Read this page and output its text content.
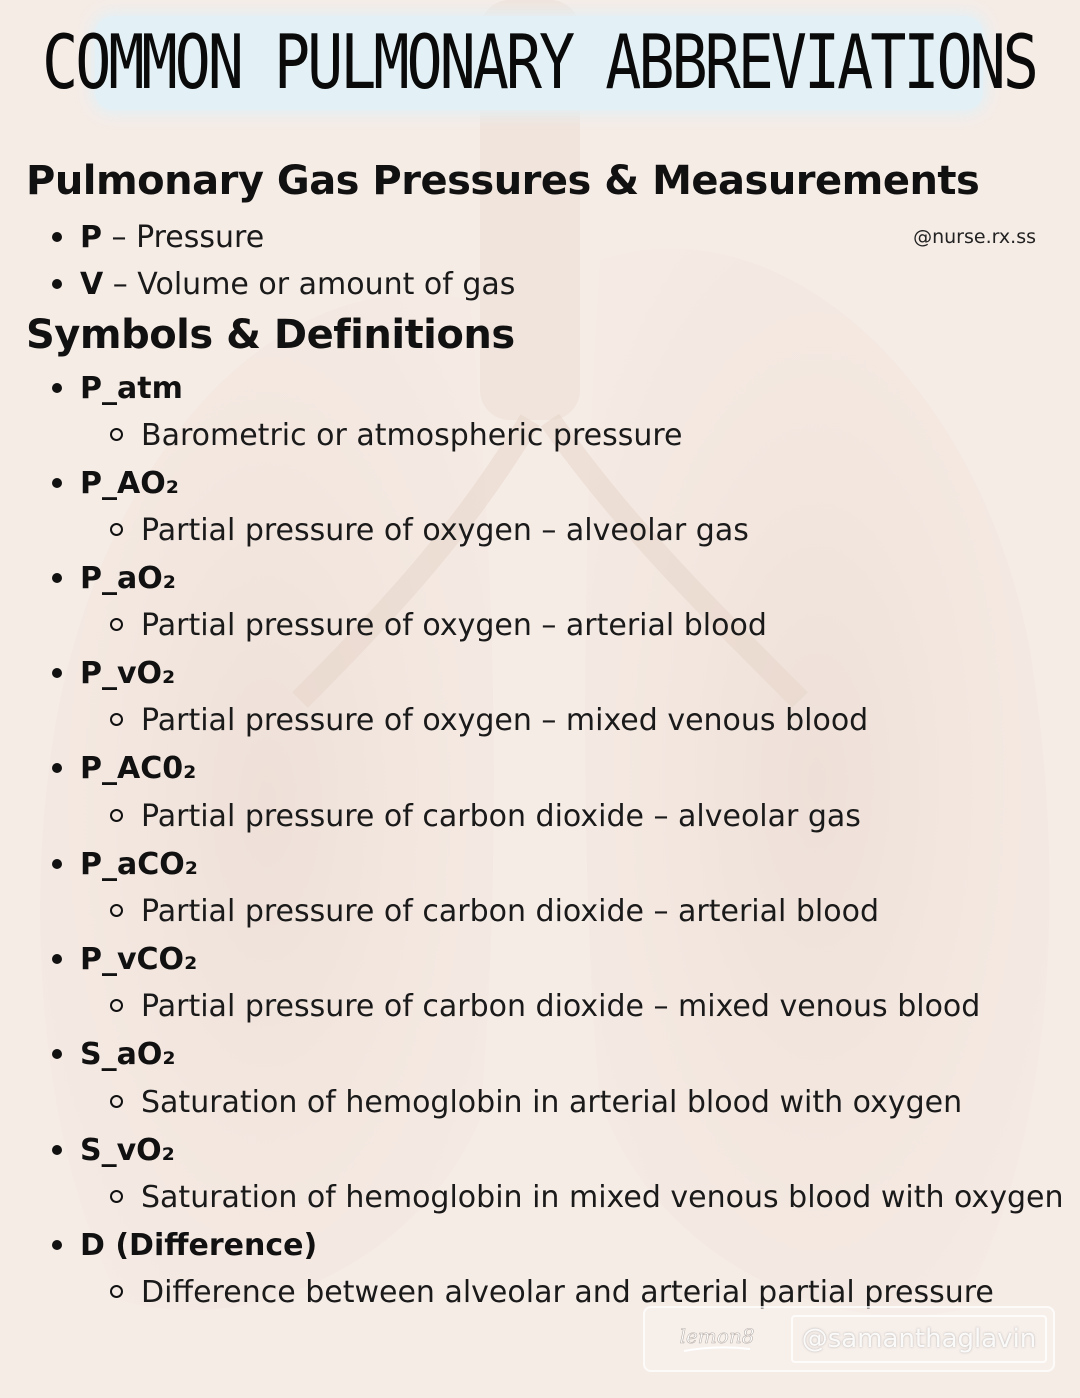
COMMON PULMONARY ABBREVIATIONS
Pulmonary Gas Pressures & Measurements
@nurse.rx.ss
P – Pressure
V – Volume or amount of gas
Symbols & Definitions
P_atm
Barometric or atmospheric pressure
P_AO₂
Partial pressure of oxygen – alveolar gas
P_aO₂
Partial pressure of oxygen – arterial blood
P_vO₂
Partial pressure of oxygen – mixed venous blood
P_AC0₂
Partial pressure of carbon dioxide – alveolar gas
P_aCO₂
Partial pressure of carbon dioxide – arterial blood
P_vCO₂
Partial pressure of carbon dioxide – mixed venous blood
S_aO₂
Saturation of hemoglobin in arterial blood with oxygen
S_vO₂
Saturation of hemoglobin in mixed venous blood with oxygen
D (Difference)
Difference between alveolar and arterial partial pressure
lemon8	@samanthaglavin
